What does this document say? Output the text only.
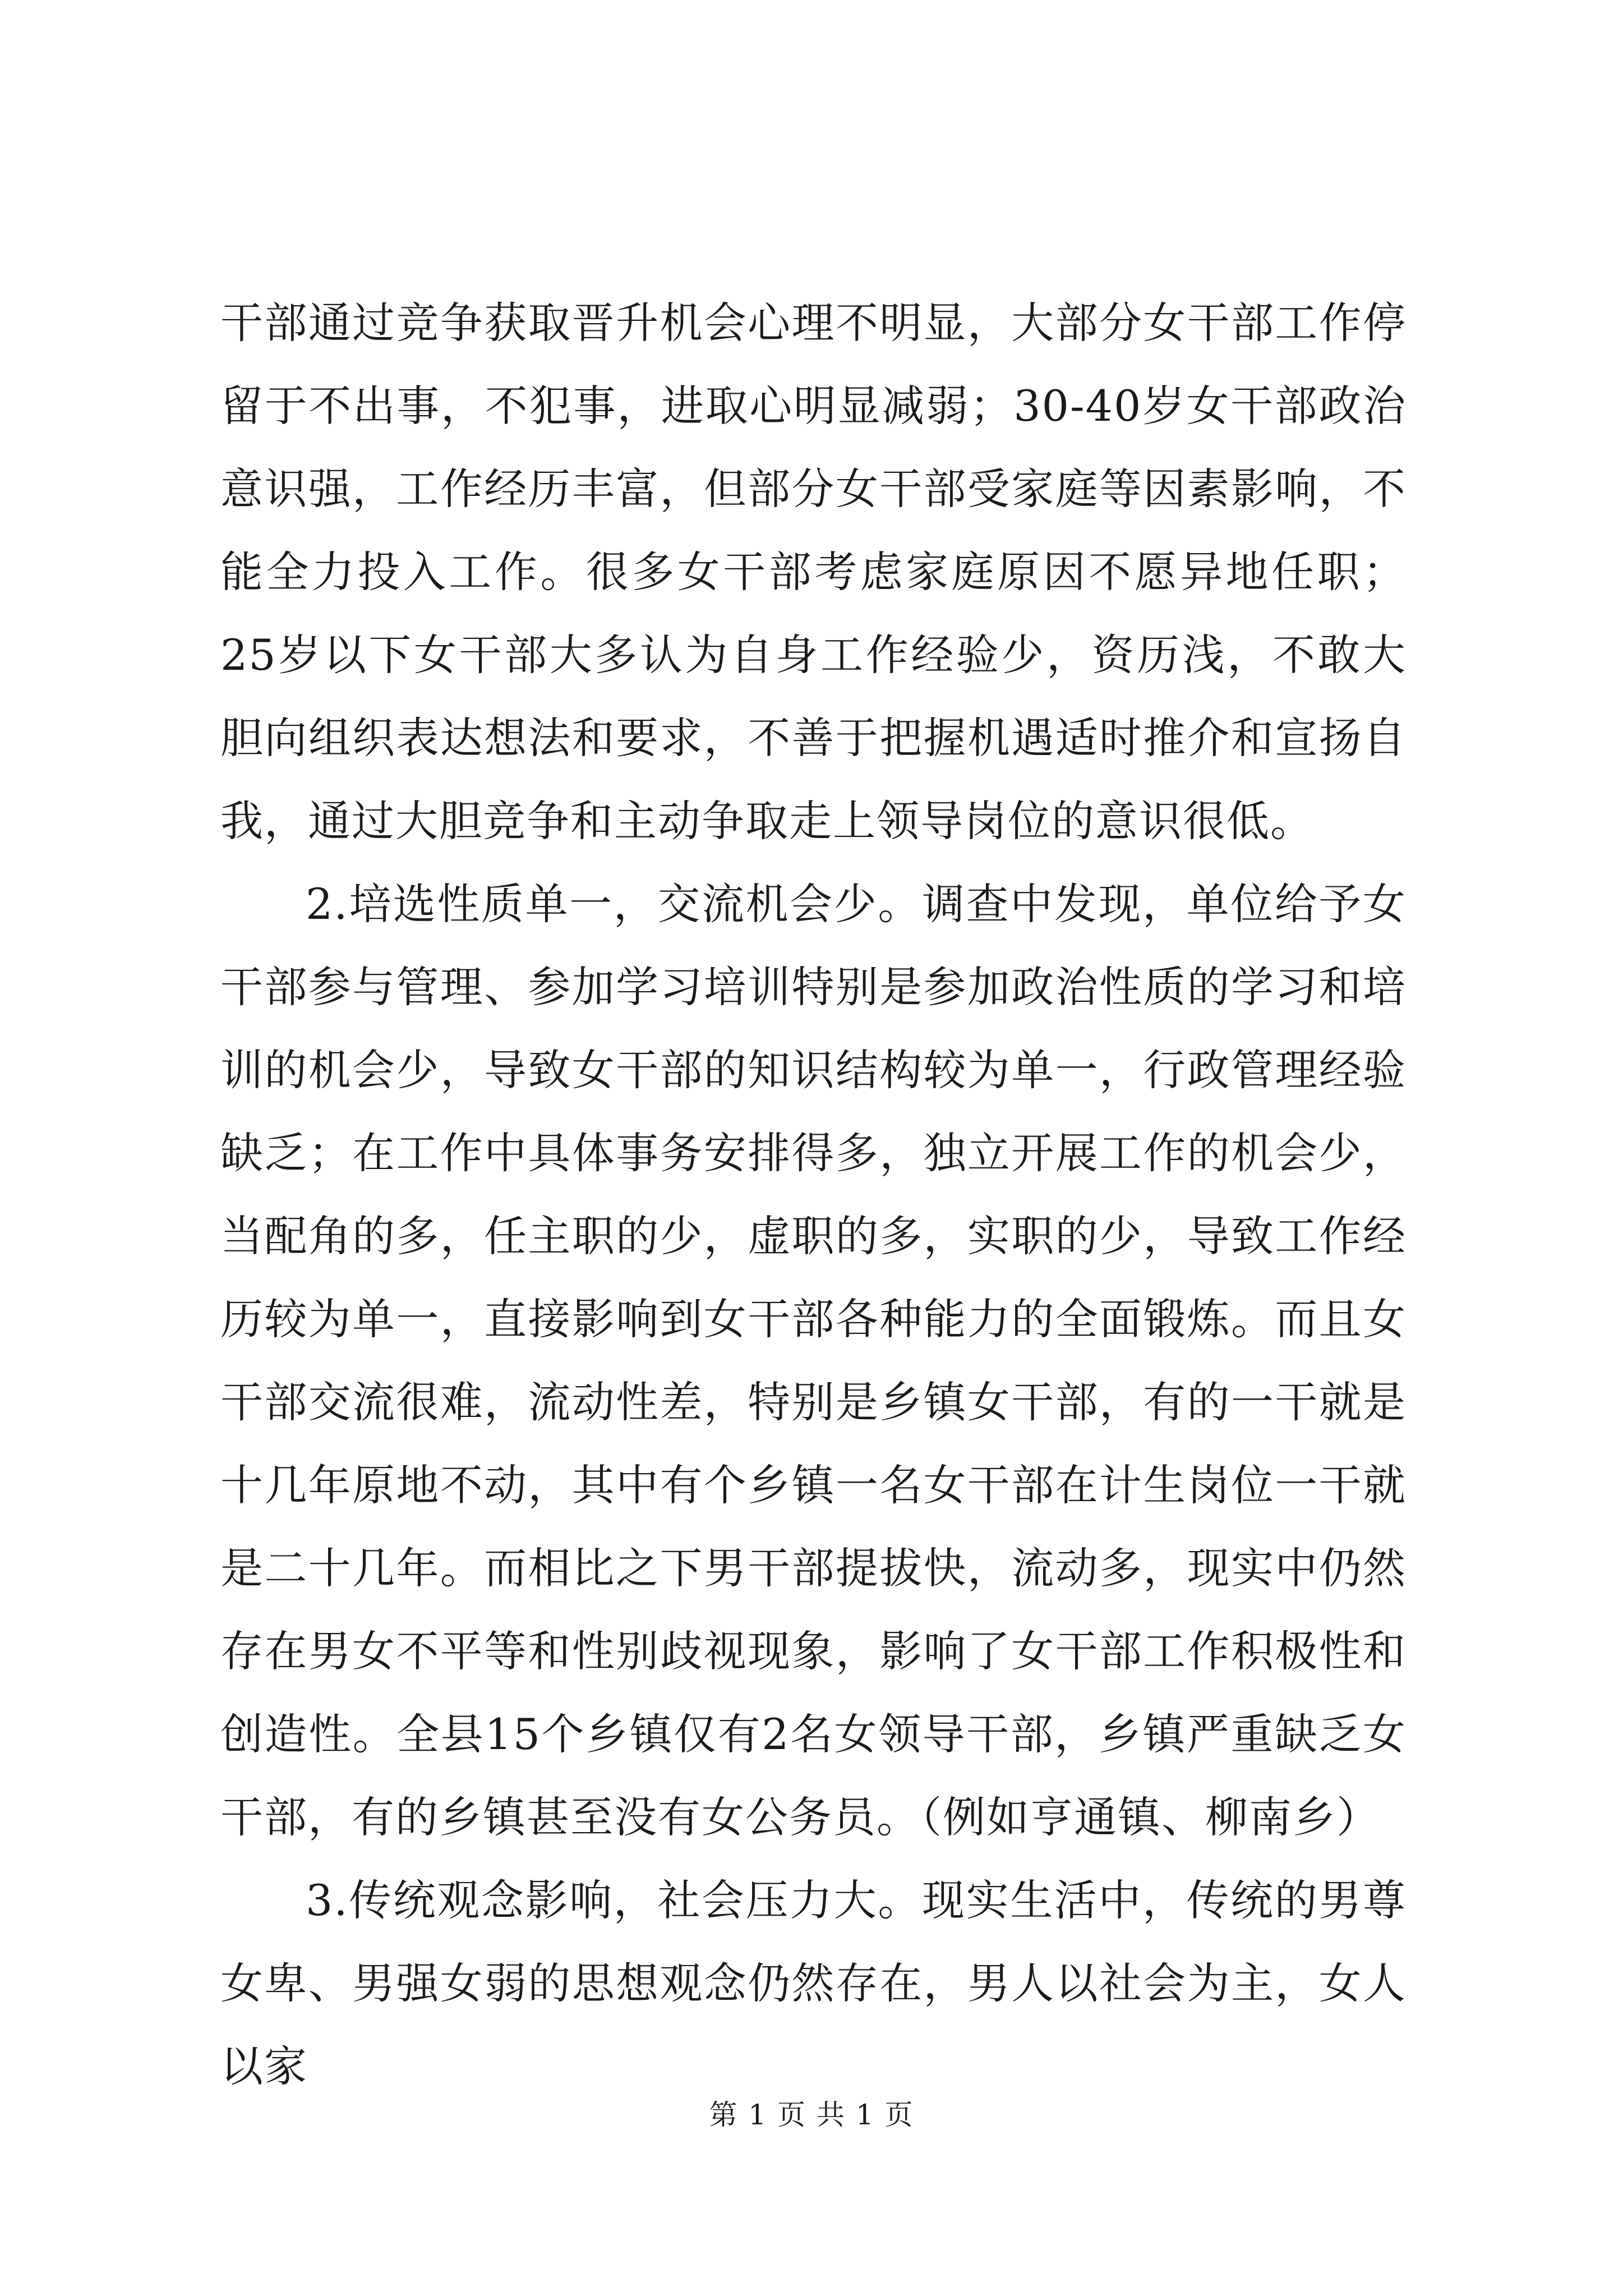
干部通过竞争获取晋升机会心理不明显，大部分女干部工作停留于不出事，不犯事，进取心明显减弱；30-40岁女干部政治意识强，工作经历丰富，但部分女干部受家庭等因素影响，不能全力投入工作。很多女干部考虑家庭原因不愿异地任职；25岁以下女干部大多认为自身工作经验少，资历浅，不敢大胆向组织表达想法和要求，不善于把握机遇适时推介和宣扬自我，通过大胆竞争和主动争取走上领导岗位的意识很低。

2.培选性质单一，交流机会少。调查中发现，单位给予女干部参与管理、参加学习培训特别是参加政治性质的学习和培训的机会少，导致女干部的知识结构较为单一，行政管理经验缺乏；在工作中具体事务安排得多，独立开展工作的机会少，当配角的多，任主职的少，虚职的多，实职的少，导致工作经历较为单一，直接影响到女干部各种能力的全面锻炼。而且女干部交流很难，流动性差，特别是乡镇女干部，有的一干就是十几年原地不动，其中有个乡镇一名女干部在计生岗位一干就是二十几年。而相比之下男干部提拔快，流动多，现实中仍然存在男女不平等和性别歧视现象，影响了女干部工作积极性和创造性。全县15个乡镇仅有2名女领导干部，乡镇严重缺乏女干部，有的乡镇甚至没有女公务员。（例如亨通镇、柳南乡）

3.传统观念影响，社会压力大。现实生活中，传统的男尊女卑、男强女弱的思想观念仍然存在，男人以社会为主，女人以家

第 1 页 共 1 页
